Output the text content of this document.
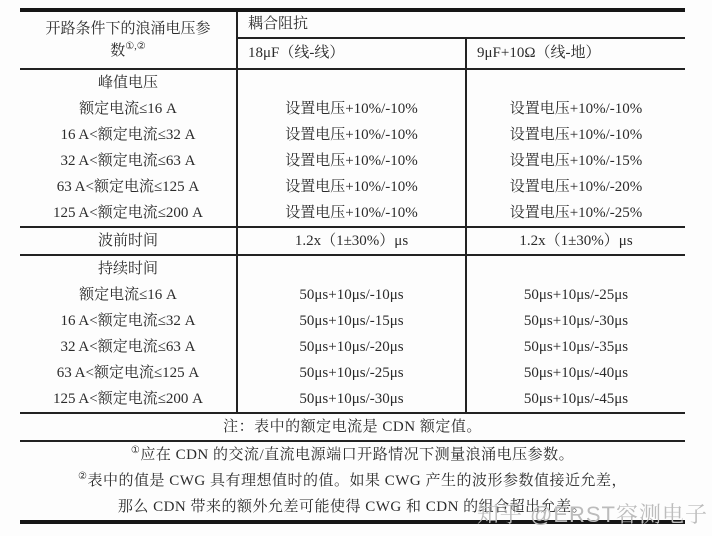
开路条件下的浪涌电压参
数①,②	耦合阻抗	
	18μF（线-线）	9μF+10Ω（线-地）
峰值电压		
额定电流≤16 A	设置电压+10%/-10%	设置电压+10%/-10%
16 A<额定电流≤32 A	设置电压+10%/-10%	设置电压+10%/-10%
32 A<额定电流≤63 A	设置电压+10%/-10%	设置电压+10%/-15%
63 A<额定电流≤125 A	设置电压+10%/-10%	设置电压+10%/-20%
125 A<额定电流≤200 A	设置电压+10%/-10%	设置电压+10%/-25%
波前时间	1.2x（1±30%）μs	1.2x（1±30%）μs
持续时间		
额定电流≤16 A	50μs+10μs/-10μs	50μs+10μs/-25μs
16 A<额定电流≤32 A	50μs+10μs/-15μs	50μs+10μs/-30μs
32 A<额定电流≤63 A	50μs+10μs/-20μs	50μs+10μs/-35μs
63 A<额定电流≤125 A	50μs+10μs/-25μs	50μs+10μs/-40μs
125 A<额定电流≤200 A	50μs+10μs/-30μs	50μs+10μs/-45μs
注：表中的额定电流是 CDN 额定值。		
①应在 CDN 的交流/直流电源端口开路情况下测量浪涌电压参数。		
②表中的值是 CWG 具有理想值时的值。如果 CWG 产生的波形参数值接近允差，		
那么 CDN 带来的额外允差可能使得 CWG 和 CDN 的组合超出允差。		
知乎 @ERST容测电子
